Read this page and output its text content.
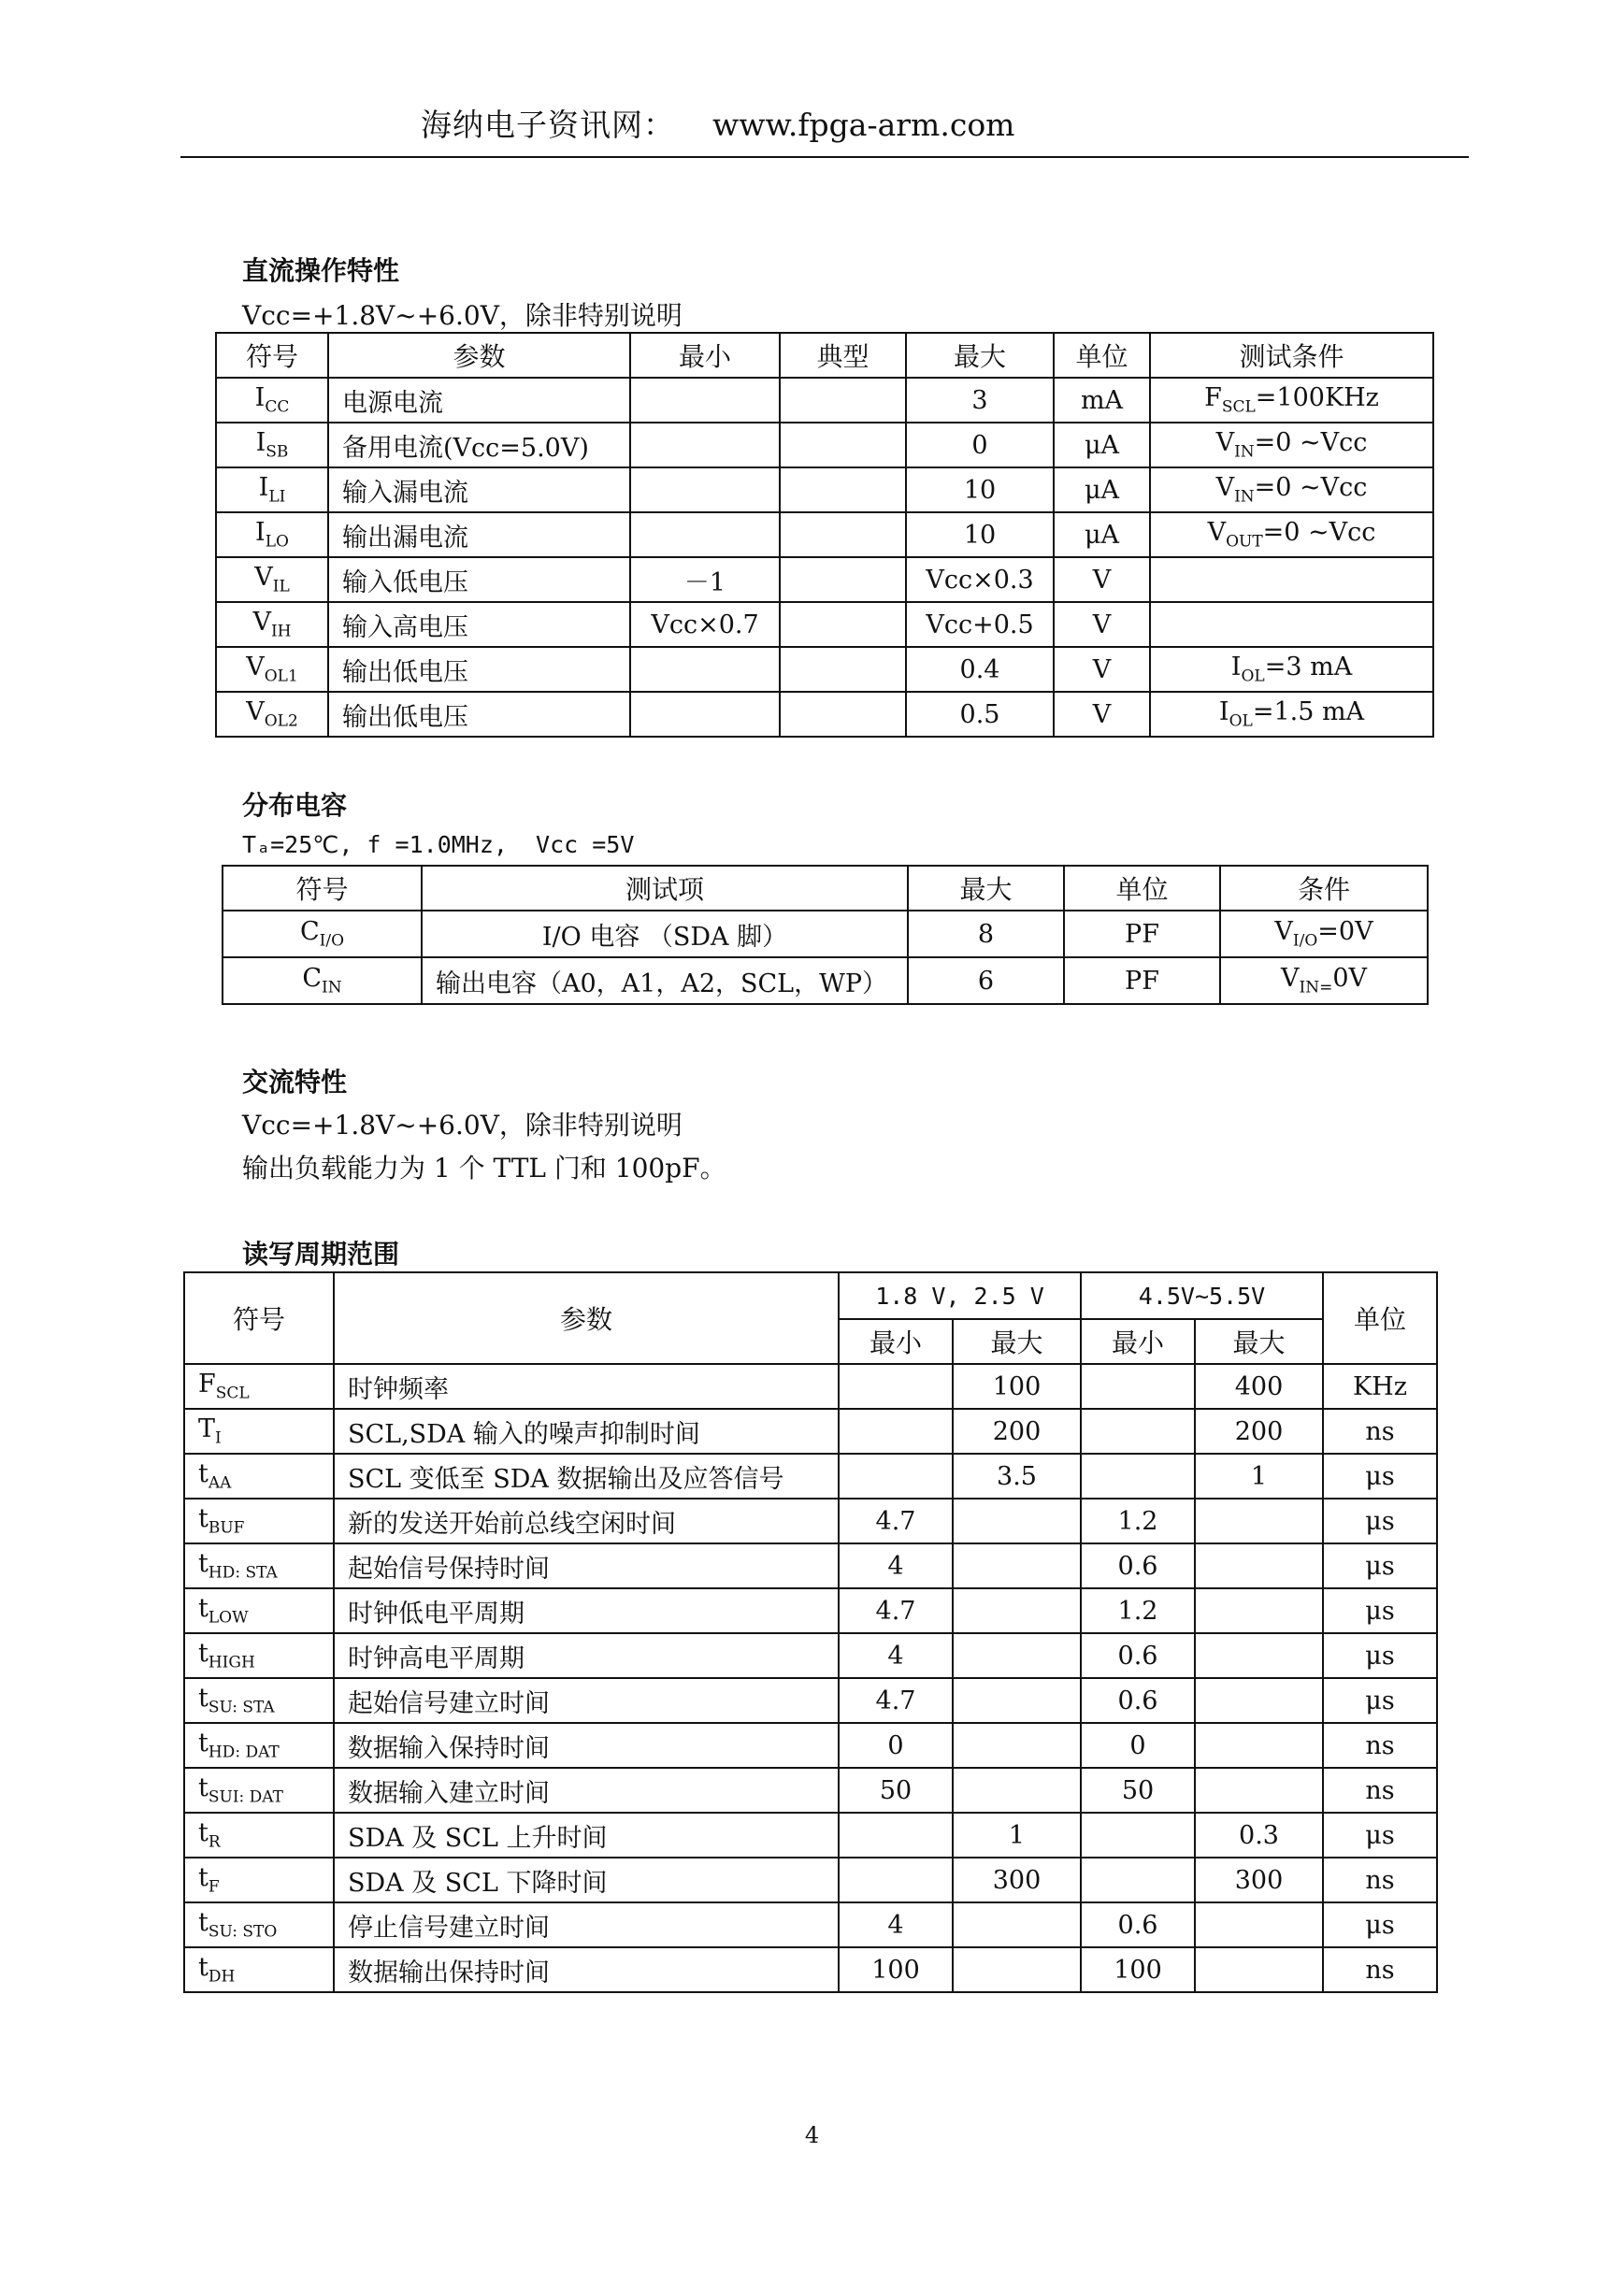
海纳电子资讯网： www.fpga-arm.com
直流操作特性
Vcc=+1.8V~+6.0V，除非特别说明
符号	参数	最小	典型	最大	单位	测试条件
$I_{CC}$	电源电流			3	mA	$F_{SCL}=100KHz$
$I_{SB}$	备用电流(Vcc=5.0V)			0	μA	$V_{IN}=0$ ~Vcc
$I_{LI}$	输入漏电流			10	μA	$V_{IN}=0$ ~Vcc
$I_{LO}$	输出漏电流			10	μA	$V_{OUT}=0$ ~Vcc
$V_{IL}$	输入低电压	－1		Vcc×0.3	V	
$V_{IH}$	输入高电压	Vcc×0.7		Vcc+0.5	V	
$V_{OL1}$	输出低电压			0.4	V	$I_{OL}=3$ mA
$V_{OL2}$	输出低电压			0.5	V	$I_{OL}=1.5$ mA
分布电容
Tₐ=25℃, f =1.0MHz,  Vcc =5V
符号	测试项	最大	单位	条件
$C_{I/O}$	I/O 电容 （SDA 脚）	8	PF	$V_{I/O}=0V$
$C_{IN}$	输出电容（A0，A1，A2，SCL，WP）	6	PF	$V_{IN=}0V$
交流特性
Vcc=+1.8V~+6.0V，除非特别说明
输出负载能力为 1 个 TTL 门和 100pF。
读写周期范围
符号	参数	1.8 V, 2.5 V		4.5V~5.5V		单位
		最小	最大	最小	最大	
$F_{SCL}$	时钟频率		100		400	KHz
$T_I$	SCL,SDA 输入的噪声抑制时间		200		200	ns
$t_{AA}$	SCL 变低至 SDA 数据输出及应答信号		3.5		1	μs
$t_{BUF}$	新的发送开始前总线空闲时间	4.7		1.2		μs
$t_{HD: STA}$	起始信号保持时间	4		0.6		μs
$t_{LOW}$	时钟低电平周期	4.7		1.2		μs
$t_{HIGH}$	时钟高电平周期	4		0.6		μs
$t_{SU: STA}$	起始信号建立时间	4.7		0.6		μs
$t_{HD: DAT}$	数据输入保持时间	0		0		ns
$t_{SUI: DAT}$	数据输入建立时间	50		50		ns
$t_R$	SDA 及 SCL 上升时间		1		0.3	μs
$t_F$	SDA 及 SCL 下降时间		300		300	ns
$t_{SU: STO}$	停止信号建立时间	4		0.6		μs
$t_{DH}$	数据输出保持时间	100		100		ns
4
